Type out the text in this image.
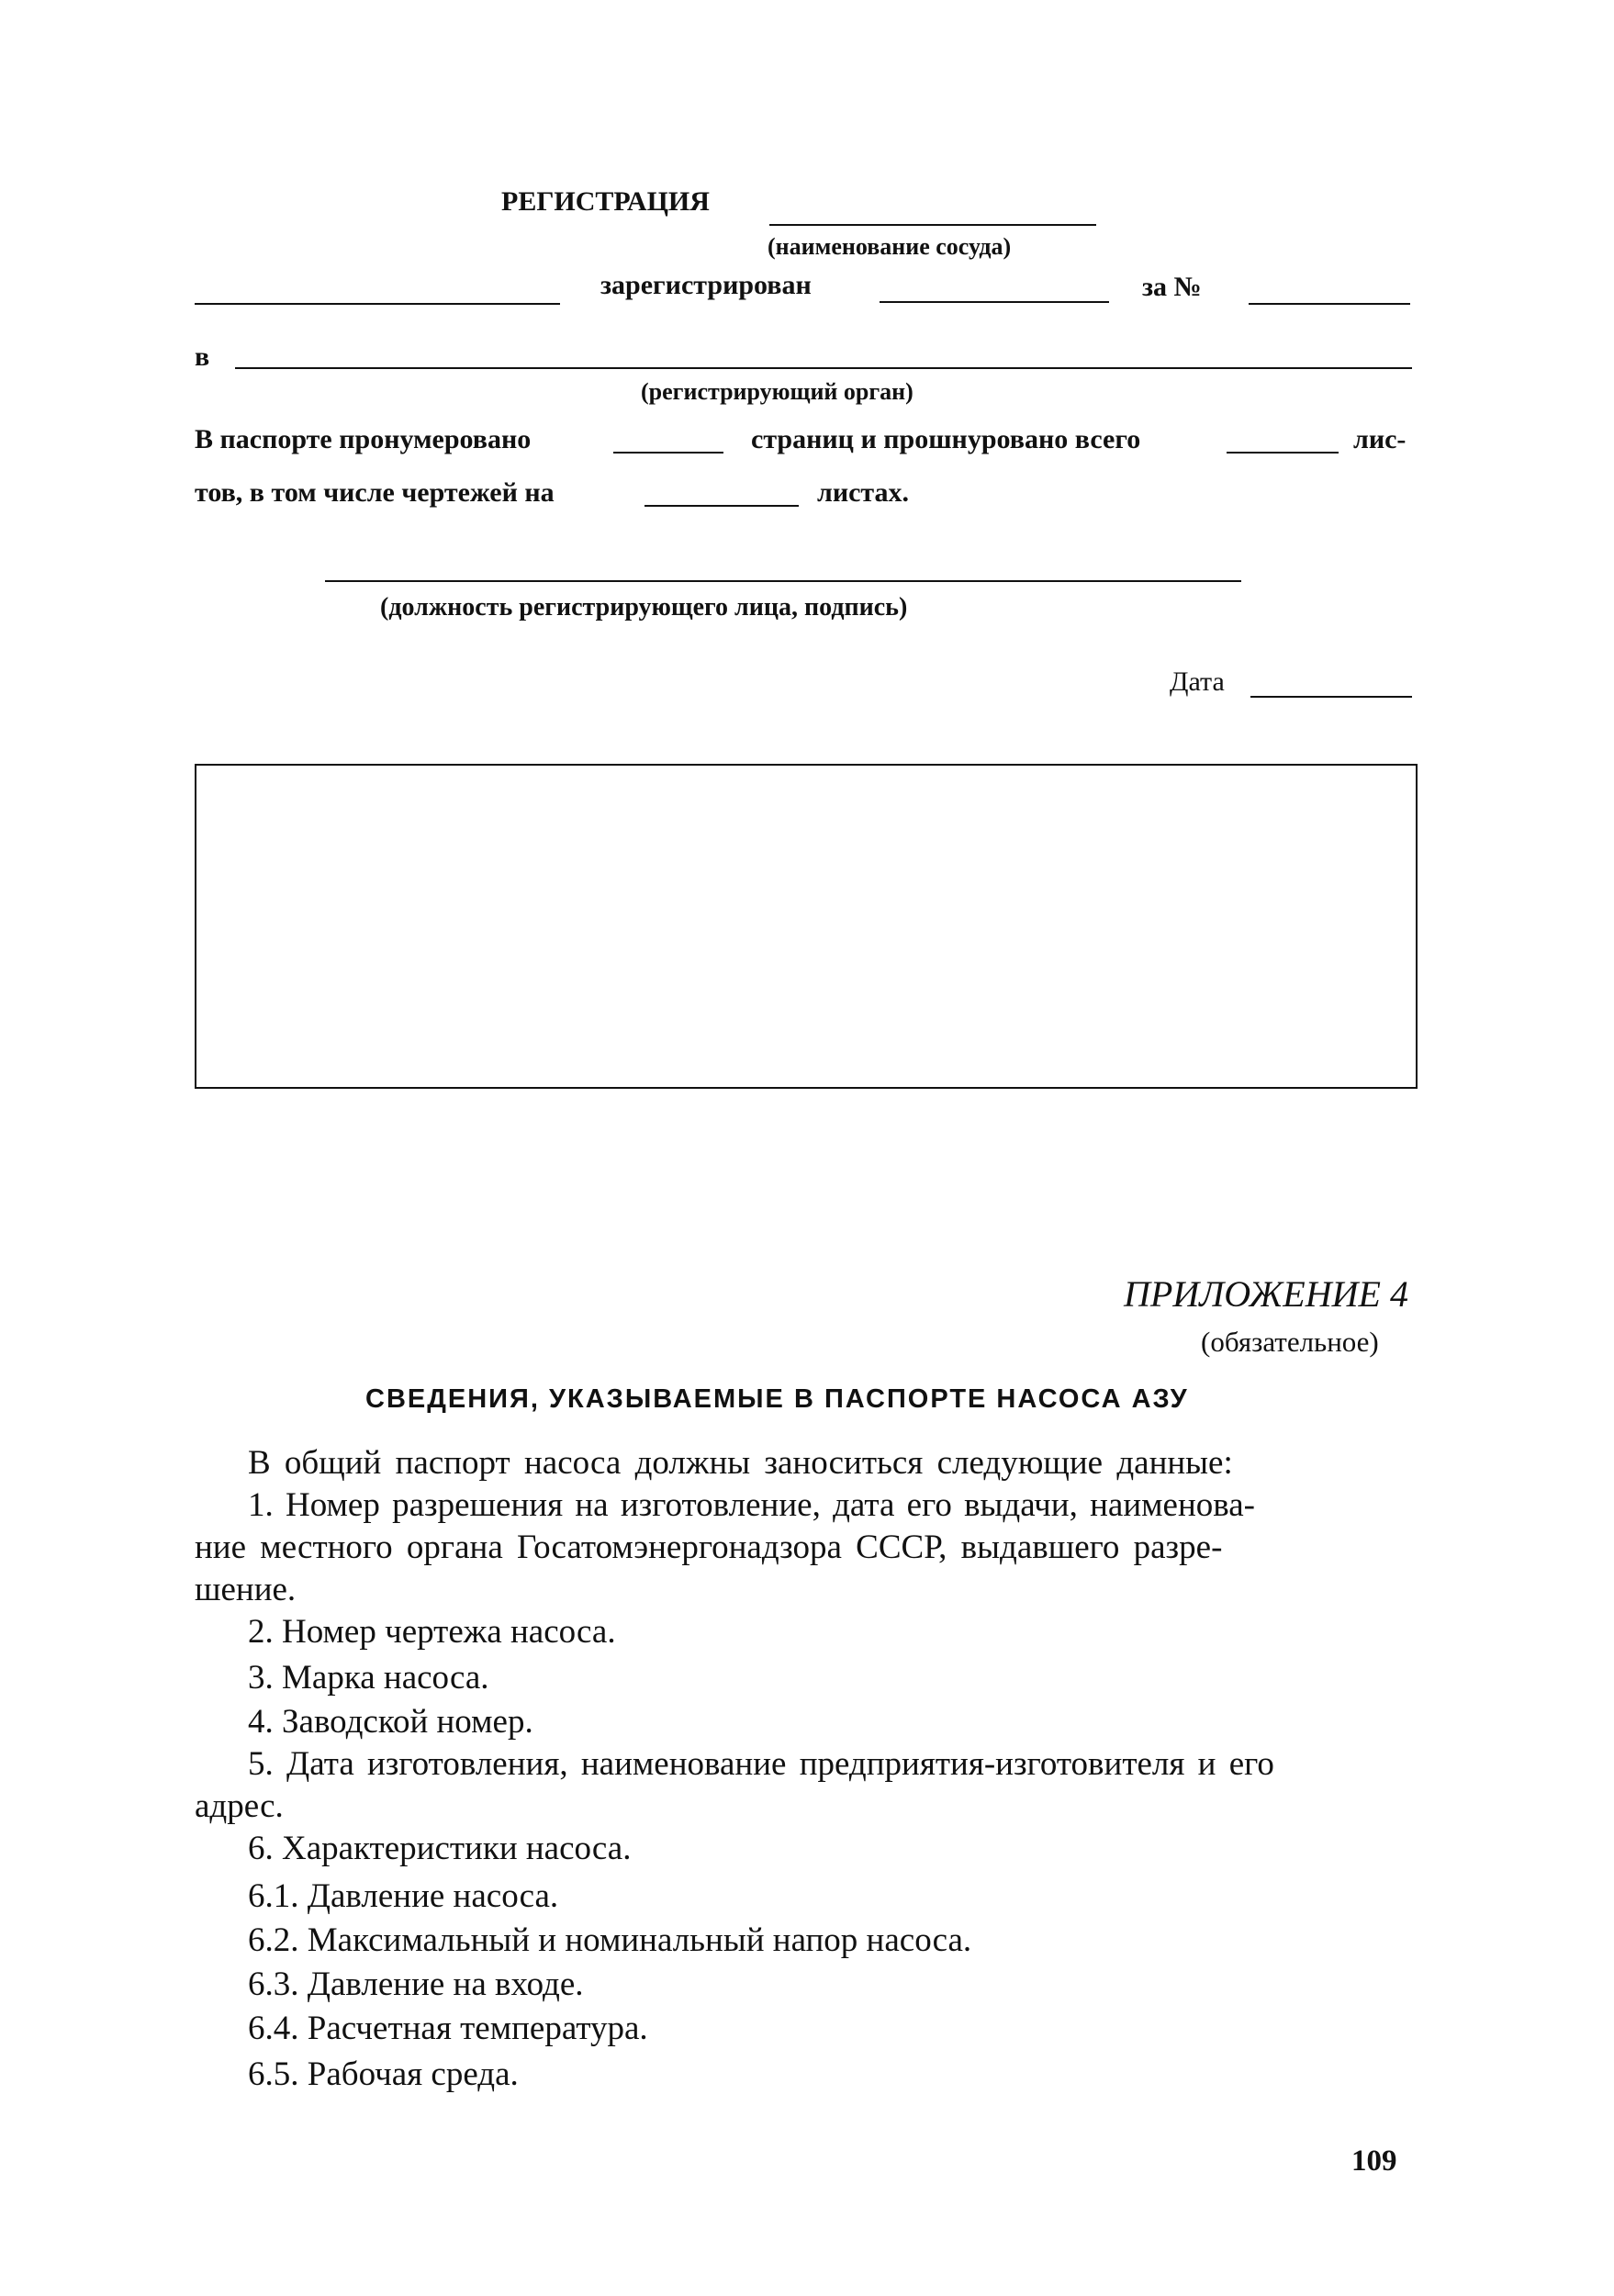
РЕГИСТРАЦИЯ
(наименование сосуда)
зарегистрирован	за №
в
(регистрирующий орган)
В паспорте пронумеровано	страниц и прошнуровано всего	лис-
тов, в том числе чертежей на	листах.
(должность регистрирующего лица, подпись)
Дата
ПРИЛОЖЕНИЕ 4
(обязательное)
СВЕДЕНИЯ, УКАЗЫВАЕМЫЕ В ПАСПОРТЕ НАСОСА АЗУ
В общий паспорт насоса должны заноситься следующие данные:
1. Номер разрешения на изготовление, дата его выдачи, наименова-
ние местного органа Госатомэнергонадзора СССР, выдавшего разре-
шение.
2. Номер чертежа насоса.
3. Марка насоса.
4. Заводской номер.
5. Дата изготовления, наименование предприятия-изготовителя и его
адрес.
6. Характеристики насоса.
6.1. Давление насоса.
6.2. Максимальный и номинальный напор насоса.
6.3. Давление на входе.
6.4. Расчетная температура.
6.5. Рабочая среда.
109
